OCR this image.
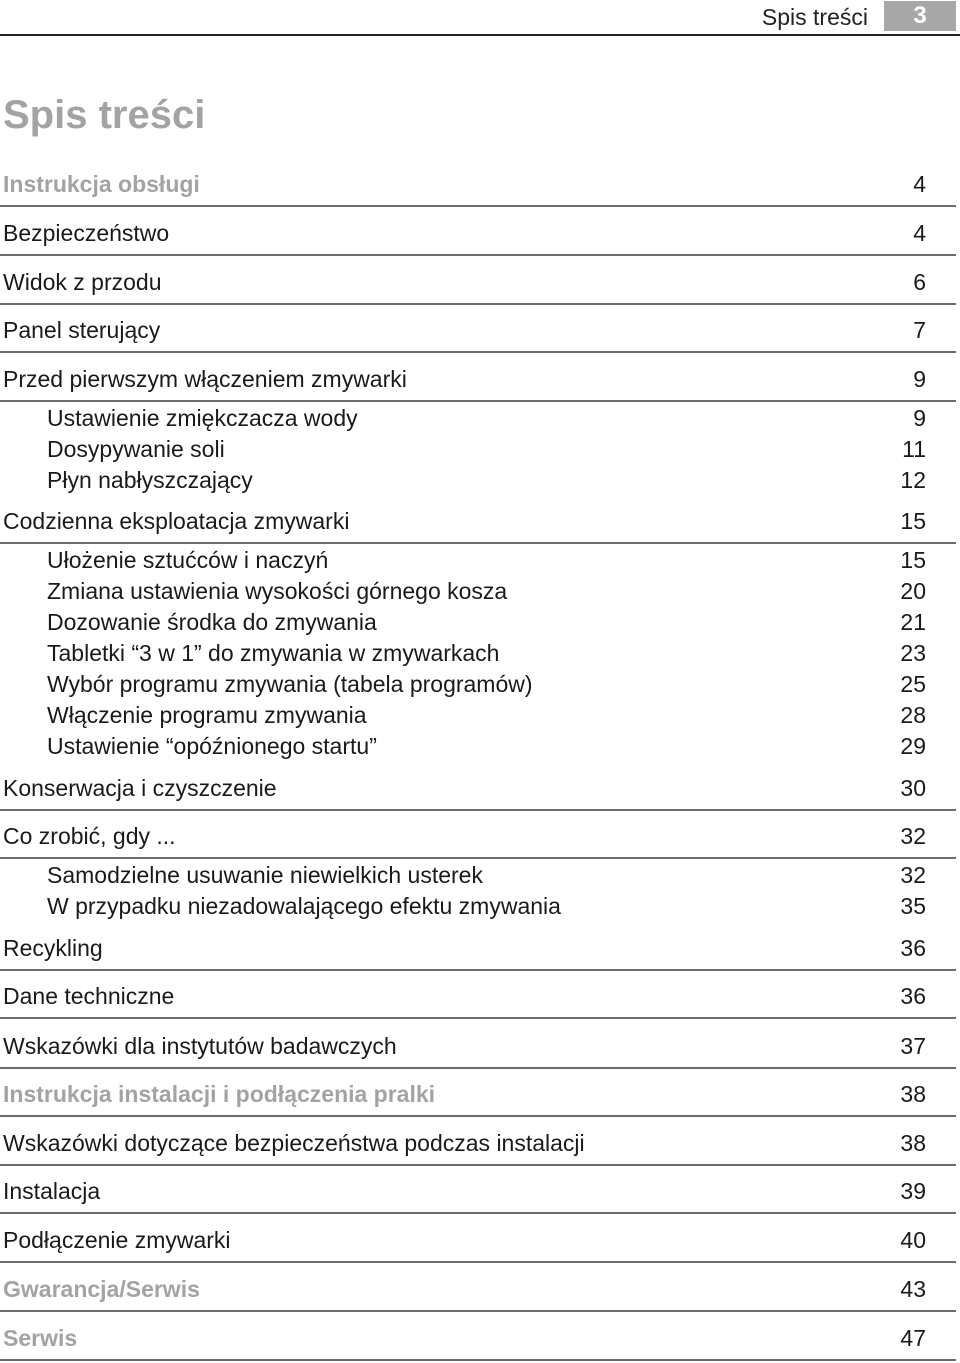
Spis treści	3
Spis treści
Instrukcja obsługi	4
Bezpieczeństwo	4
Widok z przodu	6
Panel sterujący	7
Przed pierwszym włączeniem zmywarki	9
Ustawienie zmiękczacza wody	9
Dosypywanie soli	11
Płyn nabłyszczający	12
Codzienna eksploatacja zmywarki	15
Ułożenie sztućców i naczyń	15
Zmiana ustawienia wysokości górnego kosza	20
Dozowanie środka do zmywania	21
Tabletki “3 w 1” do zmywania w zmywarkach	23
Wybór programu zmywania (tabela programów)	25
Włączenie programu zmywania	28
Ustawienie “opóźnionego startu”	29
Konserwacja i czyszczenie	30
Co zrobić, gdy ...	32
Samodzielne usuwanie niewielkich usterek	32
W przypadku niezadowalającego efektu zmywania	35
Recykling	36
Dane techniczne	36
Wskazówki dla instytutów badawczych	37
Instrukcja instalacji i podłączenia pralki	38
Wskazówki dotyczące bezpieczeństwa podczas instalacji	38
Instalacja	39
Podłączenie zmywarki	40
Gwarancja/Serwis	43
Serwis	47
